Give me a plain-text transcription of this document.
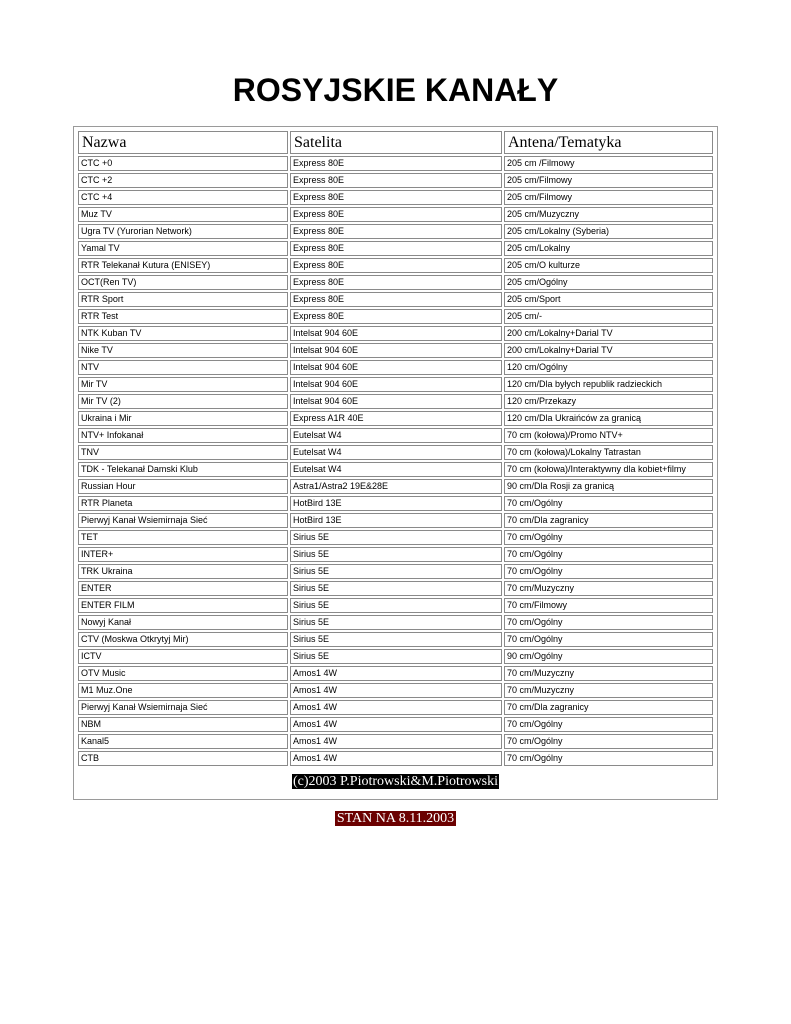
ROSYJSKIE KANAŁY
Nazwa	Satelita	Antena/Tematyka
CTC +0	Express 80E	205 cm /Filmowy
CTC +2	Express 80E	205 cm/Filmowy
CTC +4	Express 80E	205 cm/Filmowy
Muz TV	Express 80E	205 cm/Muzyczny
Ugra TV (Yurorian Network)	Express 80E	205 cm/Lokalny (Syberia)
Yamal TV	Express 80E	205 cm/Lokalny
RTR Telekanał Kutura (ENISEY)	Express 80E	205 cm/O kulturze
OCT(Ren TV)	Express 80E	205 cm/Ogólny
RTR Sport	Express 80E	205 cm/Sport
RTR Test	Express 80E	205 cm/-
NTK Kuban TV	Intelsat 904 60E	200 cm/Lokalny+Darial TV
Nike TV	Intelsat 904 60E	200 cm/Lokalny+Darial TV
NTV	Intelsat 904 60E	120 cm/Ogólny
Mir TV	Intelsat 904 60E	120 cm/Dla byłych republik radzieckich
Mir TV (2)	Intelsat 904 60E	120 cm/Przekazy
Ukraina i Mir	Express A1R 40E	120 cm/Dla Ukraińców za granicą
NTV+ Infokanał	Eutelsat W4	70 cm (kołowa)/Promo NTV+
TNV	Eutelsat W4	70 cm (kołowa)/Lokalny Tatrastan
TDK - Telekanał Damski Klub	Eutelsat W4	70 cm (kołowa)/Interaktywny dla kobiet+filmy
Russian Hour	Astra1/Astra2 19E&28E	90 cm/Dla Rosji za granicą
RTR Planeta	HotBird 13E	70 cm/Ogólny
Pierwyj Kanał Wsiemirnaja Sieć	HotBird 13E	70 cm/Dla zagranicy
TET	Sirius 5E	70 cm/Ogólny
INTER+	Sirius 5E	70 cm/Ogólny
TRK Ukraina	Sirius 5E	70 cm/Ogólny
ENTER	Sirius 5E	70 cm/Muzyczny
ENTER FILM	Sirius 5E	70 cm/Filmowy
Nowyj Kanał	Sirius 5E	70 cm/Ogólny
CTV (Moskwa Otkrytyj Mir)	Sirius 5E	70 cm/Ogólny
ICTV	Sirius 5E	90 cm/Ogólny
OTV Music	Amos1 4W	70 cm/Muzyczny
M1 Muz.One	Amos1 4W	70 cm/Muzyczny
Pierwyj Kanał Wsiemirnaja Sieć	Amos1 4W	70 cm/Dla zagranicy
NBM	Amos1 4W	70 cm/Ogólny
Kanal5	Amos1 4W	70 cm/Ogólny
CTB	Amos1 4W	70 cm/Ogólny
(c)2003 P.Piotrowski&M.Piotrowski
STAN NA 8.11.2003
